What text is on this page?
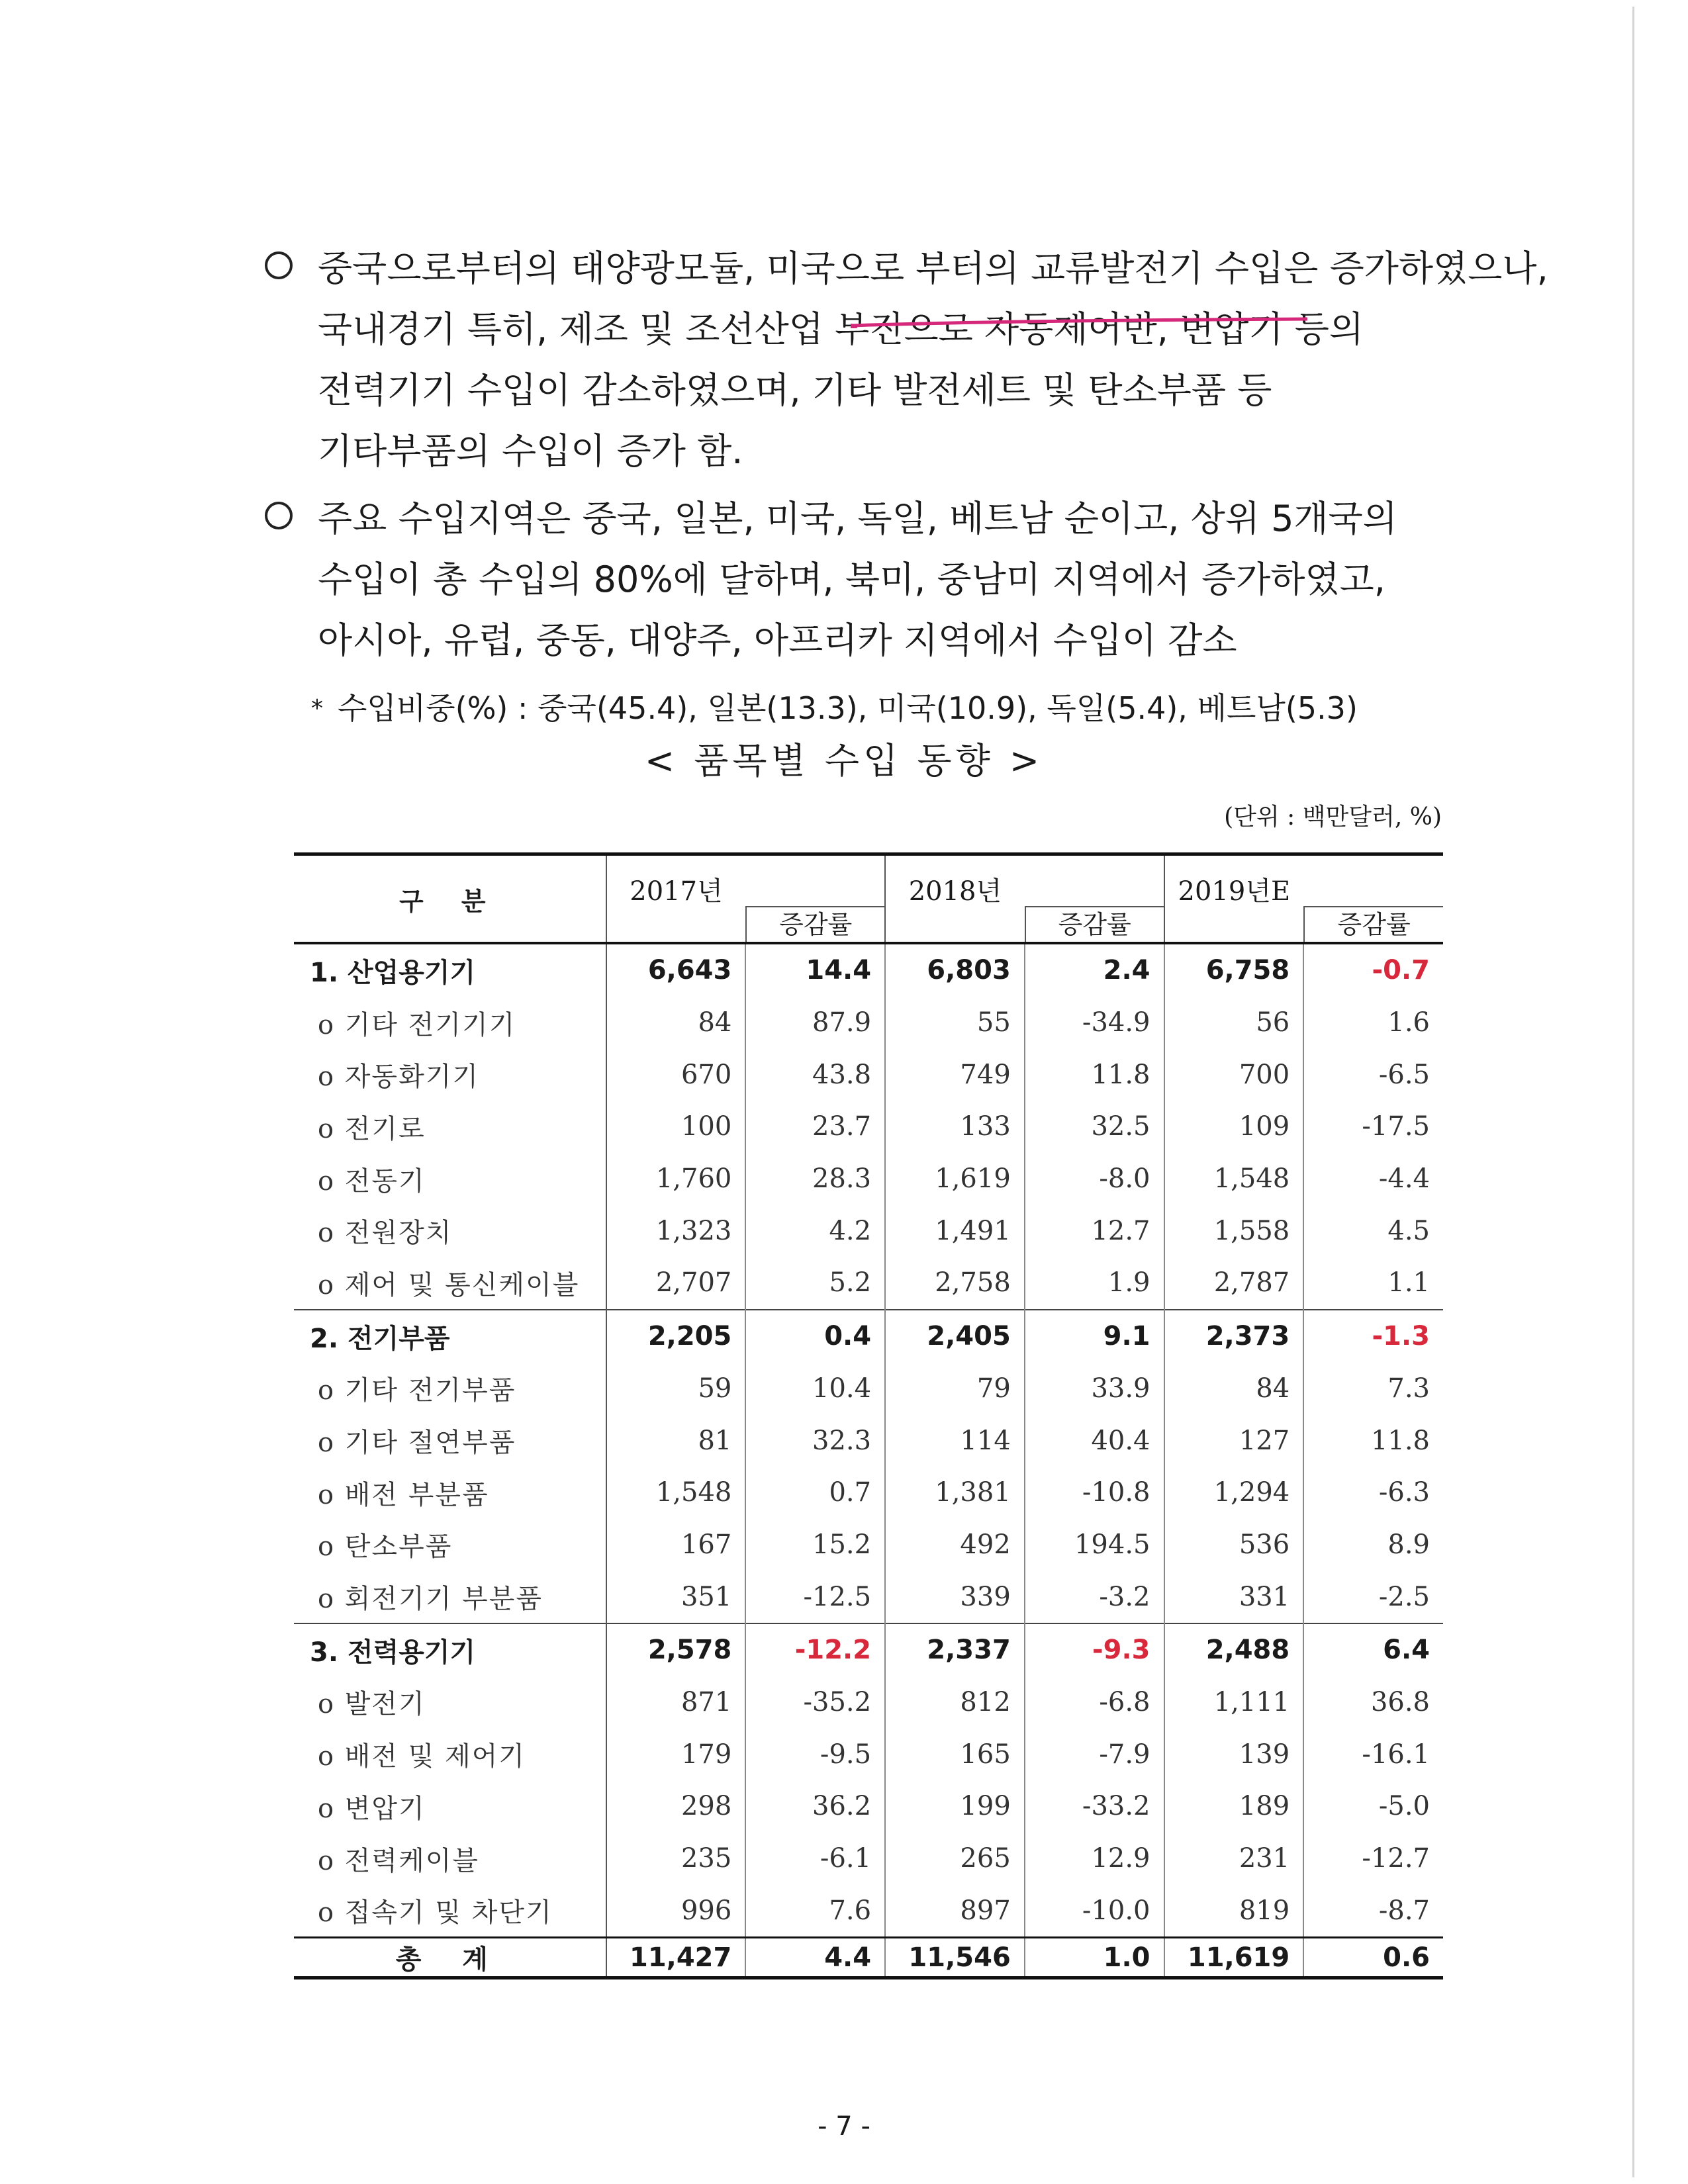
중국으로부터의 태양광모듈, 미국으로 부터의 교류발전기 수입은 증가하였으나,
국내경기 특히, 제조 및 조선산업 부진으로 자동제어반, 변압기 등의
전력기기 수입이 감소하였으며, 기타 발전세트 및 탄소부품 등
기타부품의 수입이 증가 함.
주요 수입지역은 중국, 일본, 미국, 독일, 베트남 순이고, 상위 5개국의
수입이 총 수입의 80%에 달하며, 북미, 중남미 지역에서 증가하였고,
아시아, 유럽, 중동, 대양주, 아프리카 지역에서 수입이 감소
* 수입비중(%) : 중국(45.4), 일본(13.3), 미국(10.9), 독일(5.4), 베트남(5.3)
< 품목별 수입 동향 >
(단위 : 백만달러, %)
구 분	2017년	증감률	2018년	증감률	2019년E	증감률

1. 산업용기기	6,643	14.4	6,803	2.4	6,758	-0.7
o 기타 전기기기	84	87.9	55	-34.9	56	1.6
o 자동화기기	670	43.8	749	11.8	700	-6.5
o 전기로	100	23.7	133	32.5	109	-17.5
o 전동기	1,760	28.3	1,619	-8.0	1,548	-4.4
o 전원장치	1,323	4.2	1,491	12.7	1,558	4.5
o 제어 및 통신케이블	2,707	5.2	2,758	1.9	2,787	1.1
2. 전기부품	2,205	0.4	2,405	9.1	2,373	-1.3
o 기타 전기부품	59	10.4	79	33.9	84	7.3
o 기타 절연부품	81	32.3	114	40.4	127	11.8
o 배전 부분품	1,548	0.7	1,381	-10.8	1,294	-6.3
o 탄소부품	167	15.2	492	194.5	536	8.9
o 회전기기 부분품	351	-12.5	339	-3.2	331	-2.5
3. 전력용기기	2,578	-12.2	2,337	-9.3	2,488	6.4
o 발전기	871	-35.2	812	-6.8	1,111	36.8
o 배전 및 제어기	179	-9.5	165	-7.9	139	-16.1
o 변압기	298	36.2	199	-33.2	189	-5.0
o 전력케이블	235	-6.1	265	12.9	231	-12.7
o 접속기 및 차단기	996	7.6	897	-10.0	819	-8.7
총 계	11,427	4.4	11,546	1.0	11,619	0.6
- 7 -
